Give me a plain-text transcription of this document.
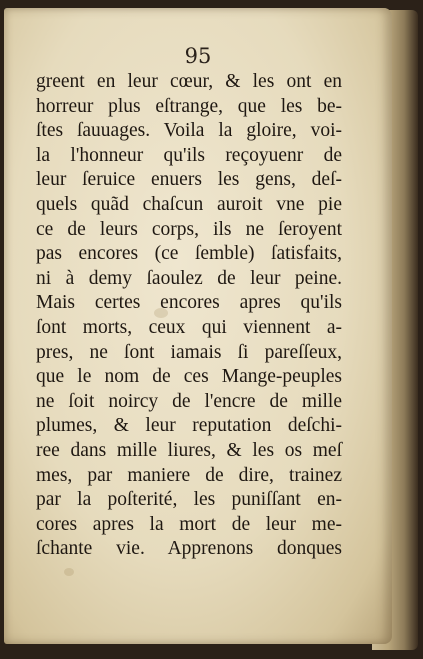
95
greent en leur cœur, & les ont en
horreur plus eſtrange, que les be-
ſtes ſauuages. Voila la gloire, voi-
la l'honneur qu'ils reçoyuenr de
leur ſeruice enuers les gens, deſ-
quels quãd chaſcun auroit vne pie
ce de leurs corps, ils ne ſeroyent
pas encores (ce ſemble) ſatisfaits,
ni à demy ſaoulez de leur peine.
Mais certes encores apres qu'ils
ſont morts, ceux qui viennent a-
pres, ne ſont iamais ſi pareſſeux,
que le nom de ces Mange-peuples
ne ſoit noircy de l'encre de mille
plumes, & leur reputation deſchi-
ree dans mille liures, & les os meſ
mes, par maniere de dire, trainez
par la poſterité, les puniſſant en-
cores apres la mort de leur me-
ſchante vie. Apprenons donques
